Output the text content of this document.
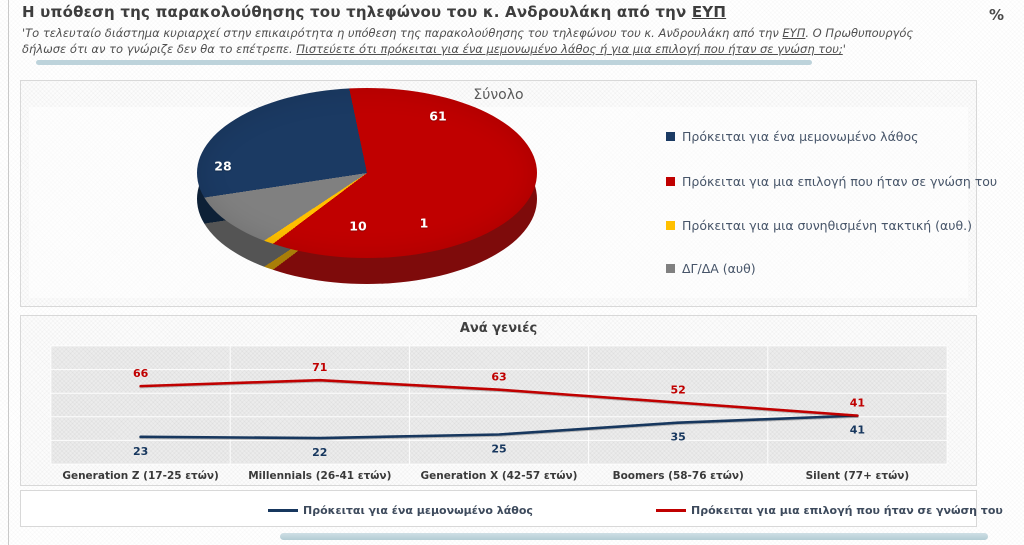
Η υπόθεση της παρακολούθησης του τηλεφώνου του κ. Ανδρουλάκη από την ΕΥΠ	%
'Το τελευταίο διάστημα κυριαρχεί στην επικαιρότητα η υπόθεση της παρακολούθησης του τηλεφώνου του κ. Ανδρουλάκη από την ΕΥΠ. Ο Πρωθυπουργός
δήλωσε ότι αν το γνώριζε δεν θα το επέτρεπε. Πιστεύετε ότι πρόκειται για ένα μεμονωμένο λάθος ή για μια επιλογή που ήταν σε γνώση του;'
Σύνολο
61
28
10	1
Πρόκειται για ένα μεμονωμένο λάθος
Πρόκειται για μια επιλογή που ήταν σε γνώση του
Πρόκειται για μια συνηθισμένη τακτική (αυθ.)
ΔΓ/ΔΑ (αυθ)
Ανά γενιές
23	22	25
35
41
66	71
63
52
41
Generation Z (17-25 ετών)	Millennials (26-41 ετών)	Generation X (42-57 ετών)	Boomers (58-76 ετών)	Silent (77+ ετών)
Πρόκειται για ένα μεμονωμένο λάθος	Πρόκειται για μια επιλογή που ήταν σε γνώση του
